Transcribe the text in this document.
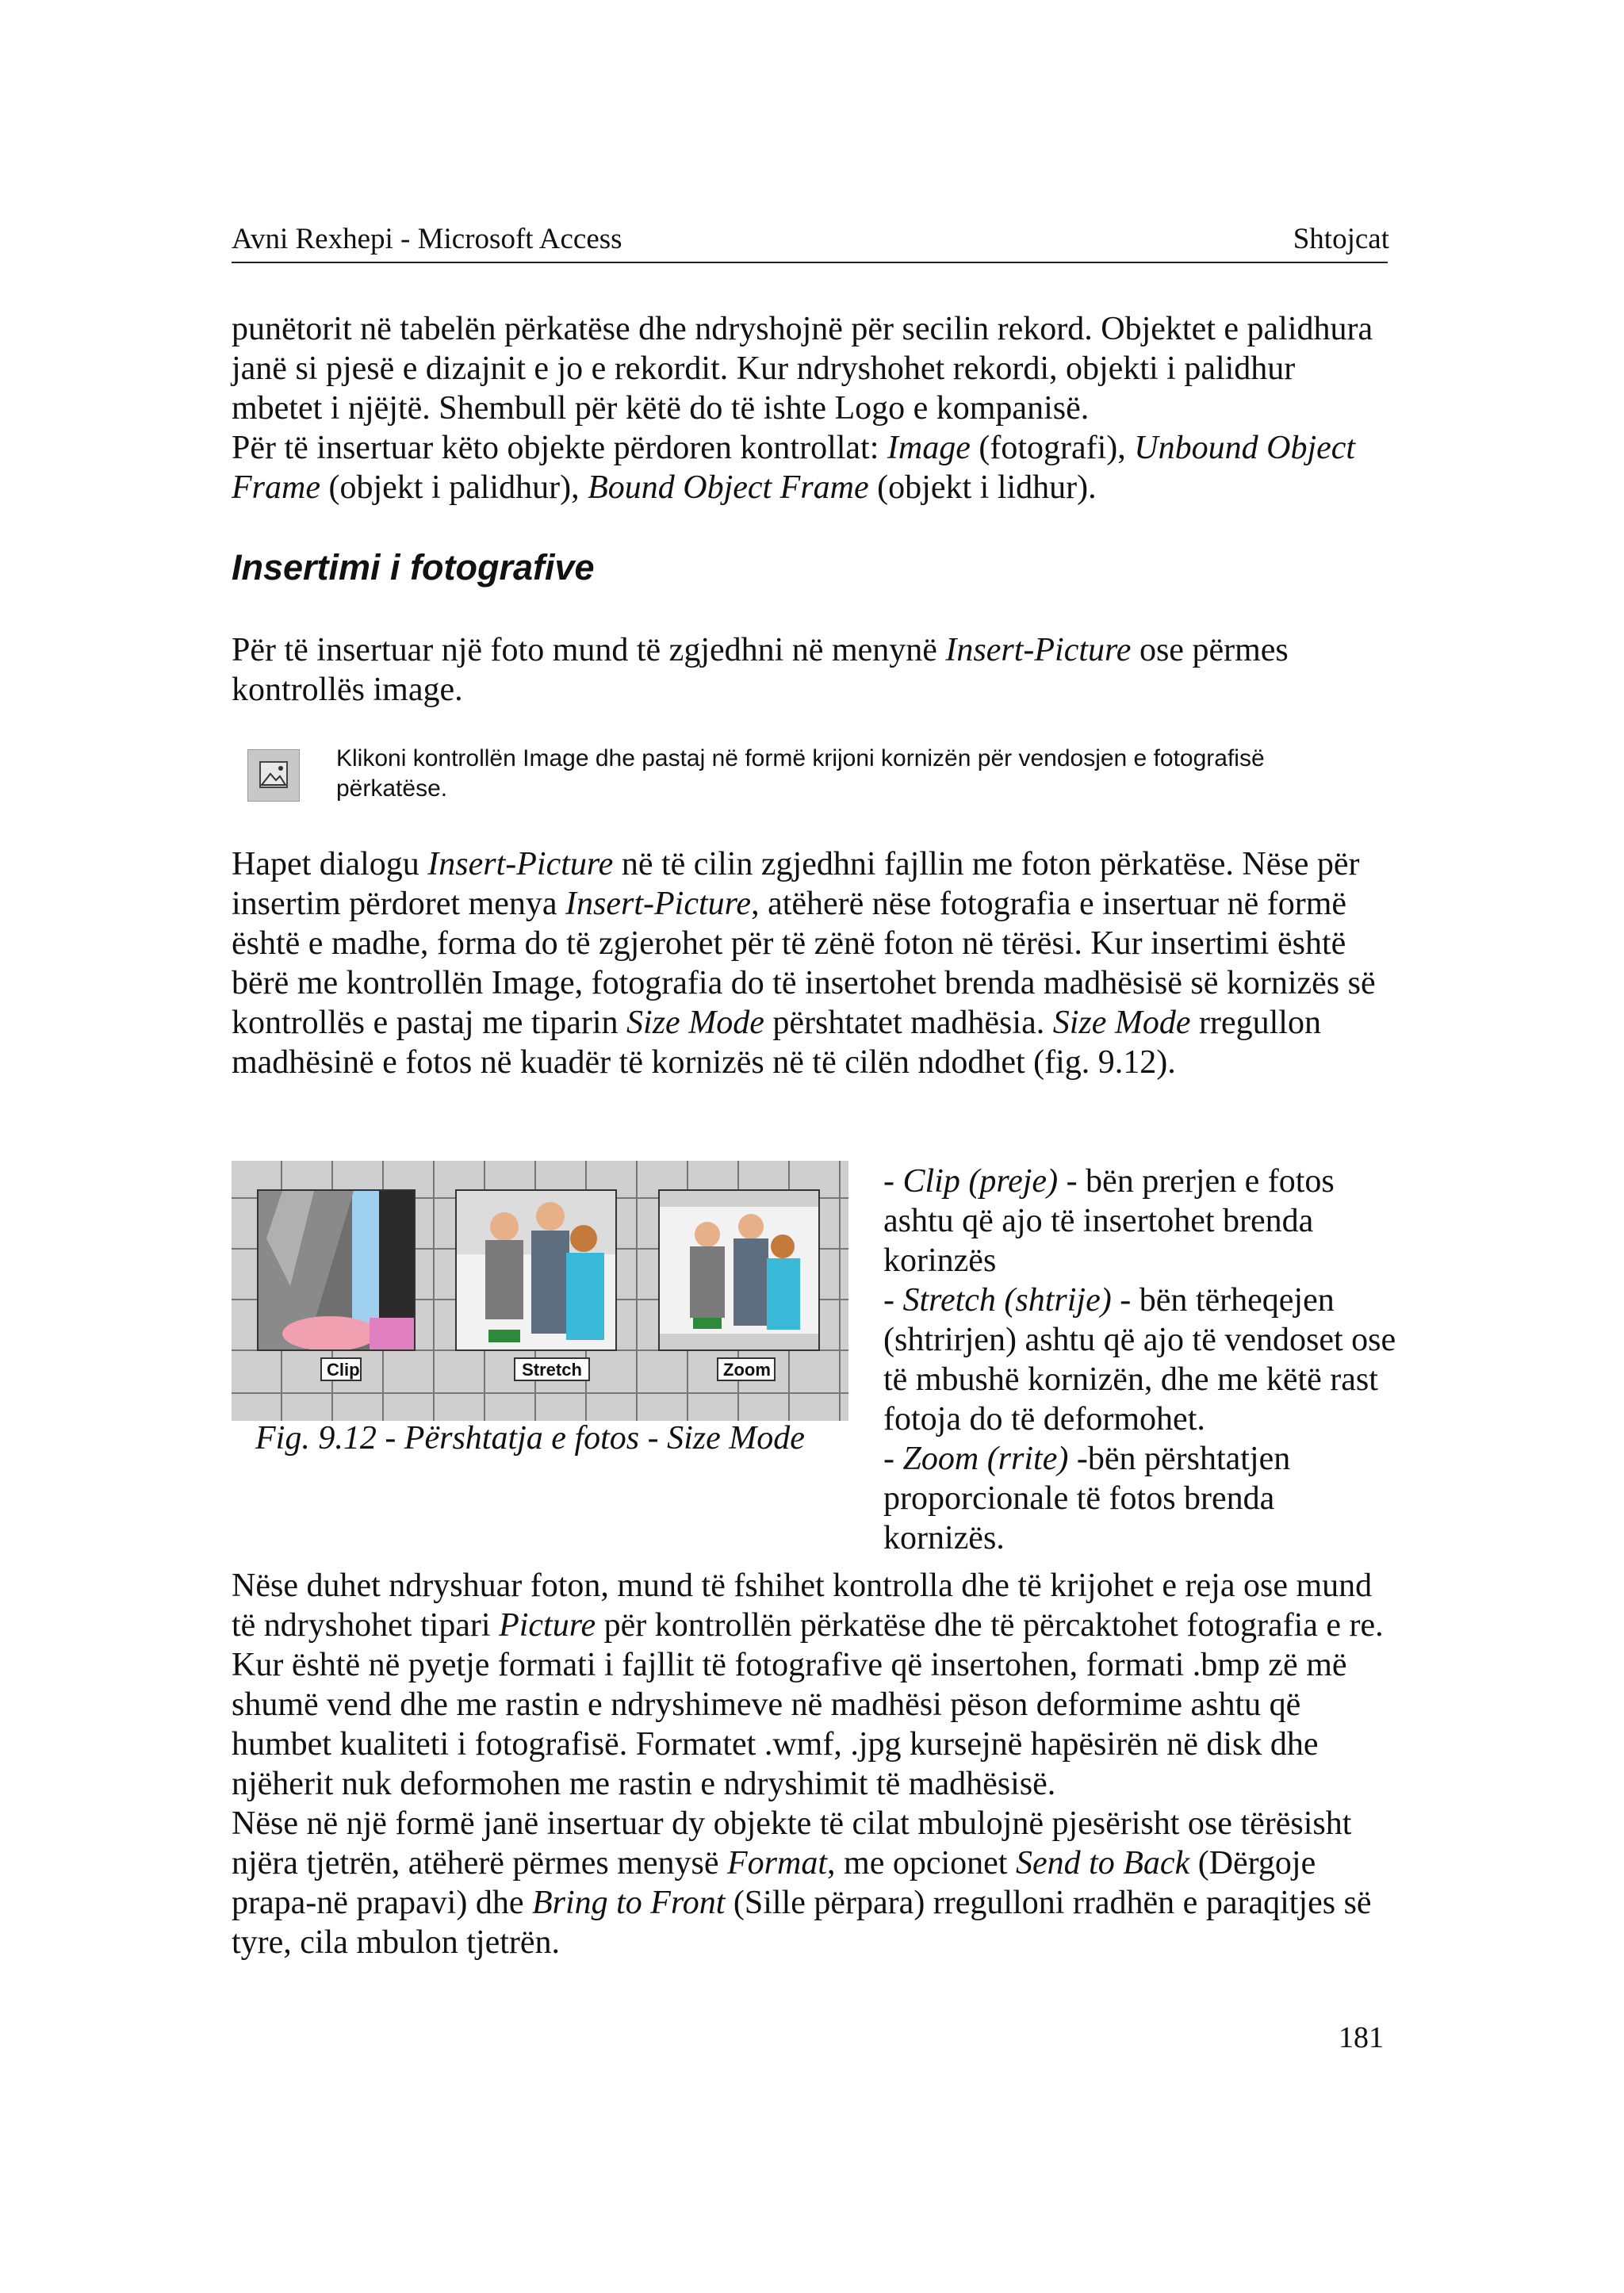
Avni Rexhepi - Microsoft Access	Shtojcat

punëtorit në tabelën përkatëse dhe ndryshojnë për secilin rekord. Objektet e palidhura janë si pjesë e dizajnit e jo e rekordit. Kur ndryshohet rekordi, objekti i palidhur mbetet i njëjtë. Shembull për këtë do të ishte Logo e kompanisë.
Për të insertuar këto objekte përdoren kontrollat: Image (fotografi), Unbound Object Frame (objekt i palidhur), Bound Object Frame (objekt i lidhur).

Insertimi i fotografive

Për të insertuar një foto mund të zgjedhni në menynë Insert-Picture ose përmes kontrollës image.

Klikoni kontrollën Image dhe pastaj në formë krijoni kornizën për vendosjen e fotografisë përkatëse.

Hapet dialogu Insert-Picture në të cilin zgjedhni fajllin me foton përkatëse. Nëse për insertim përdoret menya Insert-Picture, atëherë nëse fotografia e insertuar në formë është e madhe, forma do të zgjerohet për të zënë foton në tërësi. Kur insertimi është bërë me kontrollën Image, fotografia do të insertohet brenda madhësisë së kornizës së kontrollës e pastaj me tiparin Size Mode përshtatet madhësia. Size Mode rregullon madhësinë e fotos në kuadër të kornizës në të cilën ndodhet (fig. 9.12).

Clip	Stretch	Zoom
Fig. 9.12 - Përshtatja e fotos - Size Mode

- Clip (preje) - bën prerjen e fotos ashtu që ajo të insertohet brenda korinzës

- Stretch (shtrije) - bën tërheqejen (shtrirjen) ashtu që ajo të vendoset ose të mbushë kornizën, dhe me këtë rast fotoja do të deformohet.

- Zoom (rrite) -bën përshtatjen proporcionale të fotos brenda kornizës.

Nëse duhet ndryshuar foton, mund të fshihet kontrolla dhe të krijohet e reja ose mund të ndryshohet tipari Picture për kontrollën përkatëse dhe të përcaktohet fotografia e re. Kur është në pyetje formati i fajllit të fotografive që insertohen, formati .bmp zë më shumë vend dhe me rastin e ndryshimeve në madhësi pëson deformime ashtu që humbet kualiteti i fotografisë. Formatet .wmf, .jpg kursejnë hapësirën në disk dhe njëherit nuk deformohen me rastin e ndryshimit të madhësisë.
Nëse në një formë janë insertuar dy objekte të cilat mbulojnë pjesërisht ose tërësisht njëra tjetrën, atëherë përmes menysë Format, me opcionet Send to Back (Dërgoje prapa-në prapavi) dhe Bring to Front (Sille përpara) rregulloni rradhën e paraqitjes së tyre, cila mbulon tjetrën.

181
